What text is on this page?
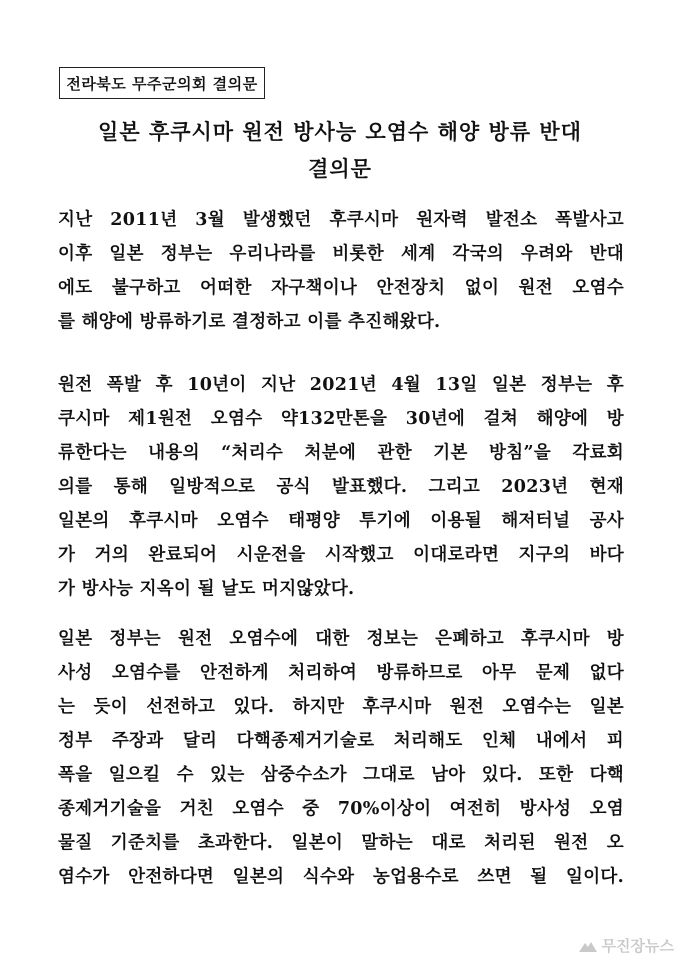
전라북도 무주군의회 결의문
일본 후쿠시마 원전 방사능 오염수 해양 방류 반대
결의문
지난 2011년 3월 발생했던 후쿠시마 원자력 발전소 폭발사고
이후 일본 정부는 우리나라를 비롯한 세계 각국의 우려와 반대
에도 불구하고 어떠한 자구책이나 안전장치 없이 원전 오염수
를 해양에 방류하기로 결정하고 이를 추진해왔다.
원전 폭발 후 10년이 지난 2021년 4월 13일 일본 정부는 후
쿠시마 제1원전 오염수 약132만톤을 30년에 걸쳐 해양에 방
류한다는 내용의 “처리수 처분에 관한 기본 방침”을 각료회
의를 통해 일방적으로 공식 발표했다. 그리고 2023년 현재
일본의 후쿠시마 오염수 태평양 투기에 이용될 해저터널 공사
가 거의 완료되어 시운전을 시작했고 이대로라면 지구의 바다
가 방사능 지옥이 될 날도 머지않았다.
일본 정부는 원전 오염수에 대한 정보는 은폐하고 후쿠시마 방
사성 오염수를 안전하게 처리하여 방류하므로 아무 문제 없다
는 듯이 선전하고 있다. 하지만 후쿠시마 원전 오염수는 일본
정부 주장과 달리 다핵종제거기술로 처리해도 인체 내에서 피
폭을 일으킬 수 있는 삼중수소가 그대로 남아 있다. 또한 다핵
종제거기술을 거친 오염수 중 70%이상이 여전히 방사성 오염
물질 기준치를 초과한다. 일본이 말하는 대로 처리된 원전 오
염수가 안전하다면 일본의 식수와 농업용수로 쓰면 될 일이다.
무진장뉴스
